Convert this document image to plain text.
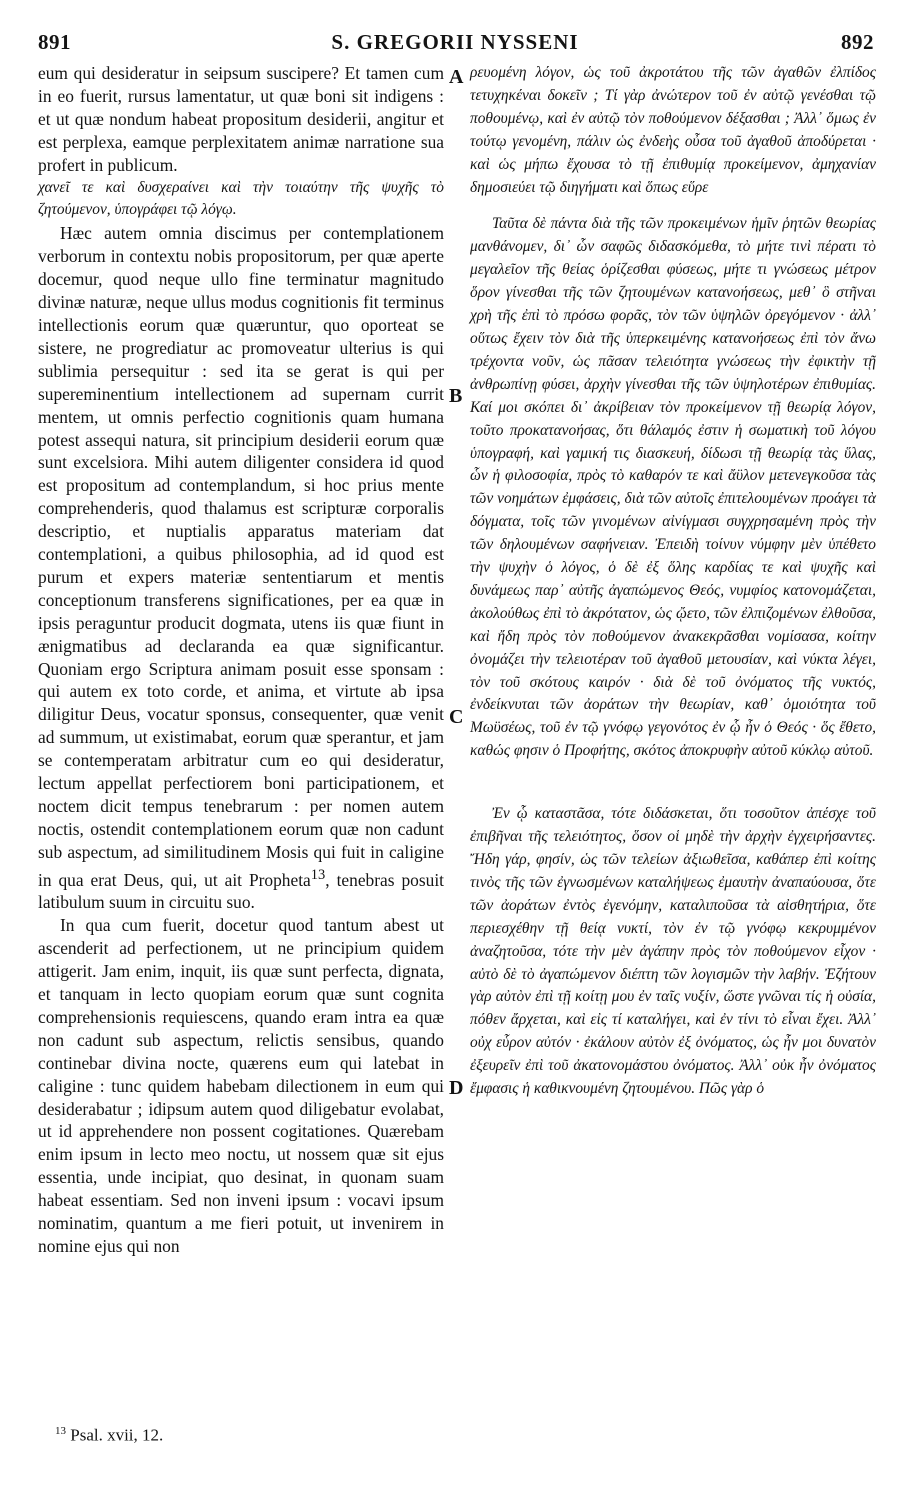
891	S. GREGORII NYSSENI	892

eum qui desideratur in seipsum suscipere? Et tamen cum in eo fuerit, rursus lamentatur, ut quæ boni sit indigens : et ut quæ nondum habeat propositum desiderii, angitur et est perplexa, eamque perplexitatem animæ narratione sua profert in publicum.

χανεῖ τε καὶ δυσχεραίνει καὶ τὴν τοιαύτην τῆς ψυχῆς τὸ ζητούμενον, ὑπογράφει τῷ λόγῳ.

Hæc autem omnia discimus per contemplationem verborum in contextu nobis propositorum, per quæ aperte docemur, quod neque ullo fine terminatur magnitudo divinæ naturæ, neque ullus modus cognitionis fit terminus intellectionis eorum quæ quæruntur, quo oporteat se sistere, ne progrediatur ac promoveatur ulterius is qui sublimia persequitur : sed ita se gerat is qui per supereminentium intellectionem ad supernam currit mentem, ut omnis perfectio cognitionis quam humana potest assequi natura, sit principium desiderii eorum quæ sunt excelsiora. Mihi autem diligenter considera id quod est propositum ad contemplandum, si hoc prius mente comprehenderis, quod thalamus est scripturæ corporalis descriptio, et nuptialis apparatus materiam dat contemplationi, a quibus philosophia, ad id quod est purum et expers materiæ sententiarum et mentis conceptionum transferens significationes, per ea quæ in ipsis peraguntur producit dogmata, utens iis quæ fiunt in ænigmatibus ad declaranda ea quæ significantur. Quoniam ergo Scriptura animam posuit esse sponsam : qui autem ex toto corde, et anima, et virtute ab ipsa diligitur Deus, vocatur sponsus, consequenter, quæ venit ad summum, ut existimabat, eorum quæ sperantur, et jam se contemperatam arbitratur cum eo qui desideratur, lectum appellat perfectiorem boni participationem, et noctem dicit tempus tenebrarum : per nomen autem noctis, ostendit contemplationem eorum quæ non cadunt sub aspectum, ad similitudinem Mosis qui fuit in caligine in qua erat Deus, qui, ut ait Propheta$^{13}$, tenebras posuit latibulum suum in circuitu suo.

In qua cum fuerit, docetur quod tantum abest ut ascenderit ad perfectionem, ut ne principium quidem attigerit. Jam enim, inquit, iis quæ sunt perfecta, dignata, et tanquam in lecto quopiam eorum quæ sunt cognita comprehensionis requiescens, quando eram intra ea quæ non cadunt sub aspectum, relictis sensibus, quando continebar divina nocte, quærens eum qui latebat in caligine : tunc quidem habebam dilectionem in eum qui desiderabatur ; idipsum autem quod diligebatur evolabat, ut id apprehendere non possent cogitationes. Quærebam enim ipsum in lecto meo noctu, ut nossem quæ sit ejus essentia, unde incipiat, quo desinat, in quonam suam habeat essentiam. Sed non inveni ipsum : vocavi ipsum nominatim, quantum a me fieri potuit, ut invenirem in nomine ejus qui non

ρευομένη λόγον, ὡς τοῦ ἀκροτάτου τῆς τῶν ἀγαθῶν ἐλπίδος τετυχηκέναι δοκεῖν ; Τί γὰρ ἀνώτερον τοῦ ἐν αὐτῷ γενέσθαι τῷ ποθουμένῳ, καὶ ἐν αὐτῷ τὸν ποθούμενον δέξασθαι ; Ἀλλ᾽ ὅμως ἐν τούτῳ γενομένη, πάλιν ὡς ἐνδεὴς οὖσα τοῦ ἀγαθοῦ ἀποδύρεται · καὶ ὡς μήπω ἔχουσα τὸ τῇ ἐπιθυμίᾳ προκείμενον, ἀμηχανίαν δημοσιεύει τῷ διηγήματι καὶ ὅπως εὕρε

Ταῦτα δὲ πάντα διὰ τῆς τῶν προκειμένων ἡμῖν ῥητῶν θεωρίας μανθάνομεν, δι᾽ ὧν σαφῶς διδασκόμεθα, τὸ μήτε τινὶ πέρατι τὸ μεγαλεῖον τῆς θείας ὁρίζεσθαι φύσεως, μήτε τι γνώσεως μέτρον ὅρον γίνεσθαι τῆς τῶν ζητουμένων κατανοήσεως, μεθ᾽ ὃ στῆναι χρὴ τῆς ἐπὶ τὸ πρόσω φορᾶς, τὸν τῶν ὑψηλῶν ὀρεγόμενον · ἀλλ᾽ οὕτως ἔχειν τὸν διὰ τῆς ὑπερκειμένης κατανοήσεως ἐπὶ τὸν ἄνω τρέχοντα νοῦν, ὡς πᾶσαν τελειότητα γνώσεως τὴν ἐφικτὴν τῇ ἀνθρωπίνῃ φύσει, ἀρχὴν γίνεσθαι τῆς τῶν ὑψηλοτέρων ἐπιθυμίας. Καί μοι σκόπει δι᾽ ἀκρίβειαν τὸν προκείμενον τῇ θεωρίᾳ λόγον, τοῦτο προκατανοήσας, ὅτι θάλαμός ἐστιν ἡ σωματικὴ τοῦ λόγου ὑπογραφή, καὶ γαμική τις διασκευή, δίδωσι τῇ θεωρίᾳ τὰς ὕλας, ὧν ἡ φιλοσοφία, πρὸς τὸ καθαρόν τε καὶ ἄϋλον μετενεγκοῦσα τὰς τῶν νοημάτων ἐμφάσεις, διὰ τῶν αὐτοῖς ἐπιτελουμένων προάγει τὰ δόγματα, τοῖς τῶν γινομένων αἰνίγμασι συγχρησαμένη πρὸς τὴν τῶν δηλουμένων σαφήνειαν. Ἐπειδὴ τοίνυν νύμφην μὲν ὑπέθετο τὴν ψυχὴν ὁ λόγος, ὁ δὲ ἐξ ὅλης καρδίας τε καὶ ψυχῆς καὶ δυνάμεως παρ᾽ αὐτῆς ἀγαπώμενος Θεός, νυμφίος κατονομάζεται, ἀκολούθως ἐπὶ τὸ ἀκρότατον, ὡς ᾤετο, τῶν ἐλπιζομένων ἐλθοῦσα, καὶ ἤδη πρὸς τὸν ποθούμενον ἀνακεκρᾶσθαι νομίσασα, κοίτην ὀνομάζει τὴν τελειοτέραν τοῦ ἀγαθοῦ μετουσίαν, καὶ νύκτα λέγει, τὸν τοῦ σκότους καιρόν · διὰ δὲ τοῦ ὀνόματος τῆς νυκτός, ἐνδείκνυται τῶν ἀοράτων τὴν θεωρίαν, καθ᾽ ὁμοιότητα τοῦ Μωϋσέως, τοῦ ἐν τῷ γνόφῳ γεγονότος ἐν ᾧ ἦν ὁ Θεός · ὅς ἔθετο, καθώς φησιν ὁ Προφήτης, σκότος ἀποκρυφὴν αὐτοῦ κύκλῳ αὐτοῦ.

Ἐν ᾧ καταστᾶσα, τότε διδάσκεται, ὅτι τοσοῦτον ἀπέσχε τοῦ ἐπιβῆναι τῆς τελειότητος, ὅσον οἱ μηδὲ τὴν ἀρχὴν ἐγχειρήσαντες. Ἤδη γάρ, φησίν, ὡς τῶν τελείων ἀξιωθεῖσα, καθάπερ ἐπὶ κοίτης τινὸς τῆς τῶν ἐγνωσμένων καταλήψεως ἐμαυτὴν ἀναπαύουσα, ὅτε τῶν ἀοράτων ἐντὸς ἐγενόμην, καταλιποῦσα τὰ αἰσθητήρια, ὅτε περιεσχέθην τῇ θείᾳ νυκτί, τὸν ἐν τῷ γνόφῳ κεκρυμμένον ἀναζητοῦσα, τότε τὴν μὲν ἀγάπην πρὸς τὸν ποθούμενον εἶχον · αὐτὸ δὲ τὸ ἀγαπώμενον διέπτη τῶν λογισμῶν τὴν λαβήν. Ἐζήτουν γὰρ αὐτὸν ἐπὶ τῇ κοίτῃ μου ἐν ταῖς νυξίν, ὥστε γνῶναι τίς ἡ οὐσία, πόθεν ἄρχεται, καὶ εἰς τί καταλήγει, καὶ ἐν τίνι τὸ εἶναι ἔχει. Ἀλλ᾽ οὐχ εὗρον αὐτόν · ἐκάλουν αὐτὸν ἐξ ὀνόματος, ὡς ἦν μοι δυνατὸν ἐξευρεῖν ἐπὶ τοῦ ἀκατονομάστου ὀνόματος. Ἀλλ᾽ οὐκ ἦν ὀνόματος ἔμφασις ἡ καθικνουμένη ζητουμένου. Πῶς γὰρ ὁ

A
B
C
D
$^{13}$ Psal. xvii, 12.
